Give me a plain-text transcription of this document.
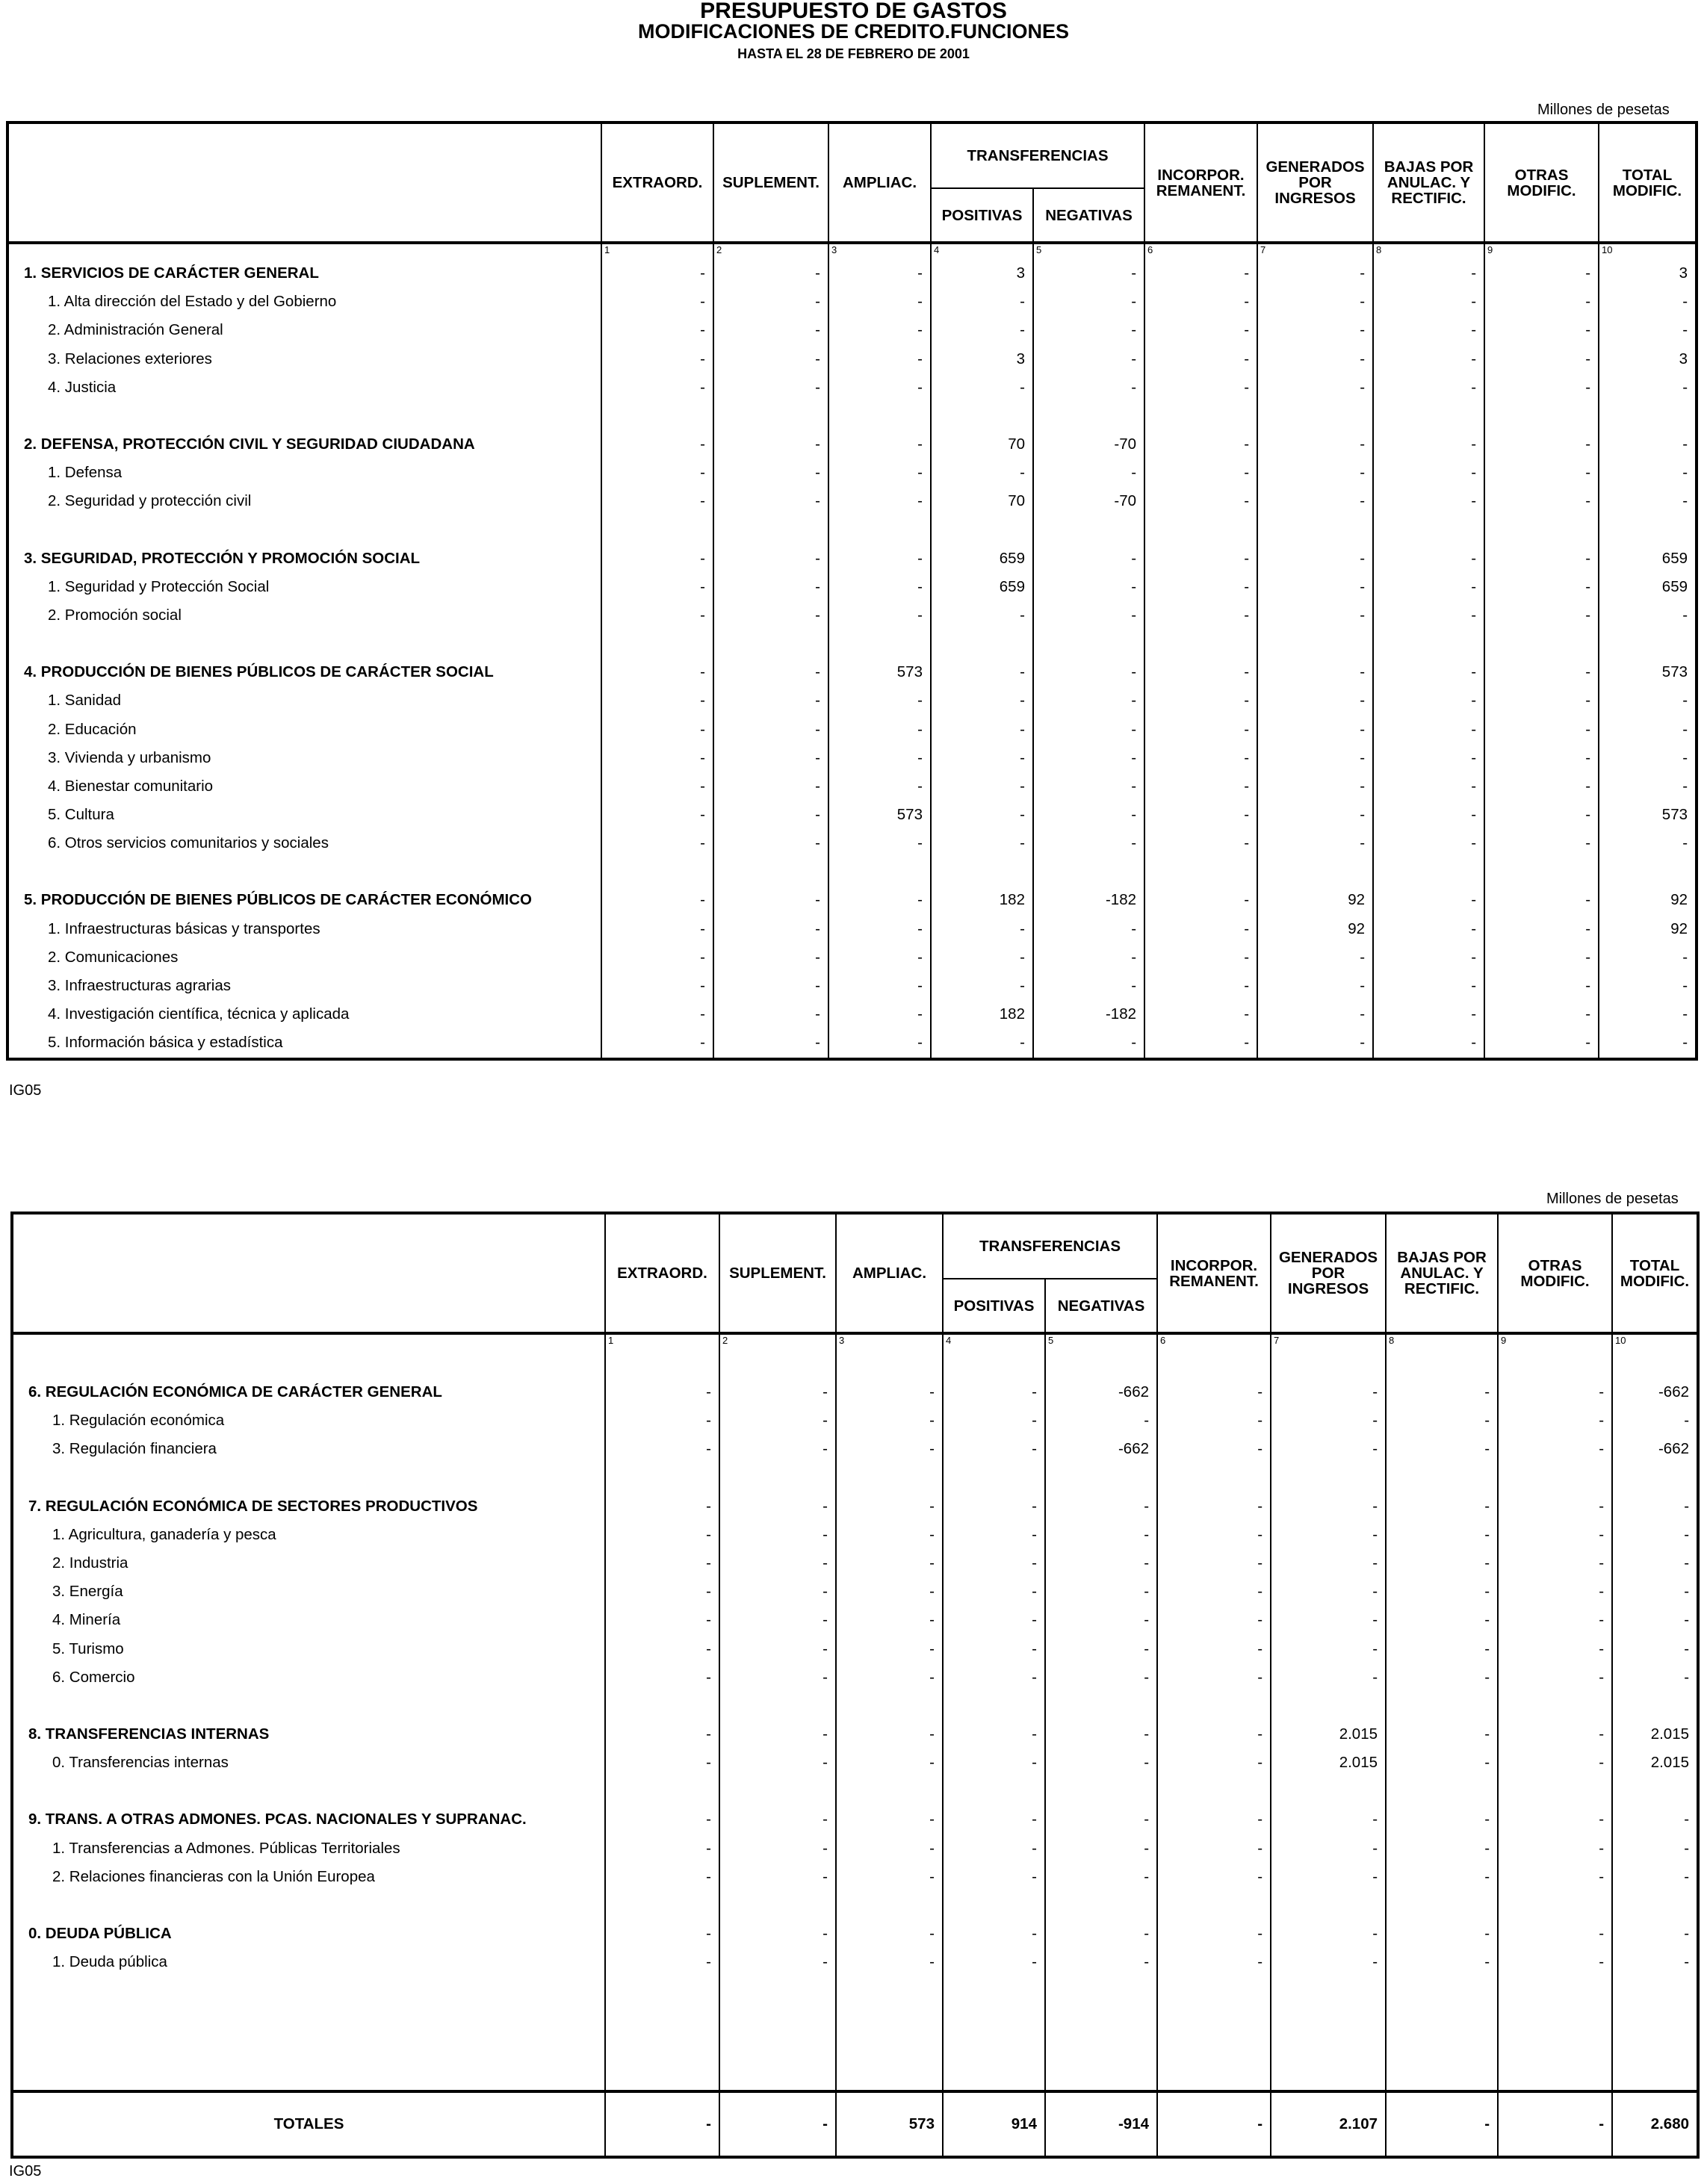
PRESUPUESTO DE GASTOS
MODIFICACIONES DE CREDITO.FUNCIONES
HASTA EL 28 DE FEBRERO DE 2001
Millones de pesetas
	EXTRAORD.	SUPLEMENT.	AMPLIAC.	TRANSFERENCIAS		INCORPOR. REMANENT.	GENERADOS POR INGRESOS	BAJAS POR ANULAC. Y RECTIFIC.	OTRAS MODIFIC.	TOTAL MODIFIC.
				POSITIVAS	NEGATIVAS					
	1	2	3	4	5	6	7	8	9	10
1. SERVICIOS DE CARÁCTER GENERAL	-	-	-	3	-	-	-	-	-	3
1. Alta dirección del Estado y del Gobierno	-	-	-	-	-	-	-	-	-	-
2. Administración General	-	-	-	-	-	-	-	-	-	-
3. Relaciones exteriores	-	-	-	3	-	-	-	-	-	3
4. Justicia	-	-	-	-	-	-	-	-	-	-

2. DEFENSA, PROTECCIÓN CIVIL Y SEGURIDAD CIUDADANA	-	-	-	70	-70	-	-	-	-	-
1. Defensa	-	-	-	-	-	-	-	-	-	-
2. Seguridad y protección civil	-	-	-	70	-70	-	-	-	-	-

3. SEGURIDAD, PROTECCIÓN Y PROMOCIÓN SOCIAL	-	-	-	659	-	-	-	-	-	659
1. Seguridad y Protección Social	-	-	-	659	-	-	-	-	-	659
2. Promoción social	-	-	-	-	-	-	-	-	-	-

4. PRODUCCIÓN DE BIENES PÚBLICOS DE CARÁCTER SOCIAL	-	-	573	-	-	-	-	-	-	573
1. Sanidad	-	-	-	-	-	-	-	-	-	-
2. Educación	-	-	-	-	-	-	-	-	-	-
3. Vivienda y urbanismo	-	-	-	-	-	-	-	-	-	-
4. Bienestar comunitario	-	-	-	-	-	-	-	-	-	-
5. Cultura	-	-	573	-	-	-	-	-	-	573
6. Otros servicios comunitarios y sociales	-	-	-	-	-	-	-	-	-	-

5. PRODUCCIÓN DE BIENES PÚBLICOS DE CARÁCTER ECONÓMICO	-	-	-	182	-182	-	92	-	-	92
1. Infraestructuras básicas y transportes	-	-	-	-	-	-	92	-	-	92
2. Comunicaciones	-	-	-	-	-	-	-	-	-	-
3. Infraestructuras agrarias	-	-	-	-	-	-	-	-	-	-
4. Investigación científica, técnica y aplicada	-	-	-	182	-182	-	-	-	-	-
5. Información básica y estadística	-	-	-	-	-	-	-	-	-	-
IG05
Millones de pesetas
	EXTRAORD.	SUPLEMENT.	AMPLIAC.	TRANSFERENCIAS		INCORPOR. REMANENT.	GENERADOS POR INGRESOS	BAJAS POR ANULAC. Y RECTIFIC.	OTRAS MODIFIC.	TOTAL MODIFIC.
				POSITIVAS	NEGATIVAS					
	1	2	3	4	5	6	7	8	9	10

6. REGULACIÓN ECONÓMICA DE CARÁCTER GENERAL	-	-	-	-	-662	-	-	-	-	-662
1. Regulación económica	-	-	-	-	-	-	-	-	-	-
3. Regulación financiera	-	-	-	-	-662	-	-	-	-	-662

7. REGULACIÓN ECONÓMICA DE SECTORES PRODUCTIVOS	-	-	-	-	-	-	-	-	-	-
1. Agricultura, ganadería y pesca	-	-	-	-	-	-	-	-	-	-
2. Industria	-	-	-	-	-	-	-	-	-	-
3. Energía	-	-	-	-	-	-	-	-	-	-
4. Minería	-	-	-	-	-	-	-	-	-	-
5. Turismo	-	-	-	-	-	-	-	-	-	-
6. Comercio	-	-	-	-	-	-	-	-	-	-

8. TRANSFERENCIAS INTERNAS	-	-	-	-	-	-	2.015	-	-	2.015
0. Transferencias internas	-	-	-	-	-	-	2.015	-	-	2.015

9. TRANS. A OTRAS ADMONES. PCAS. NACIONALES Y SUPRANAC.	-	-	-	-	-	-	-	-	-	-
1. Transferencias a Admones. Públicas Territoriales	-	-	-	-	-	-	-	-	-	-
2. Relaciones financieras con la Unión Europea	-	-	-	-	-	-	-	-	-	-

0. DEUDA PÚBLICA	-	-	-	-	-	-	-	-	-	-
1. Deuda pública	-	-	-	-	-	-	-	-	-	-

TOTALES	-	-	573	914	-914	-	2.107	-	-	2.680
IG05
